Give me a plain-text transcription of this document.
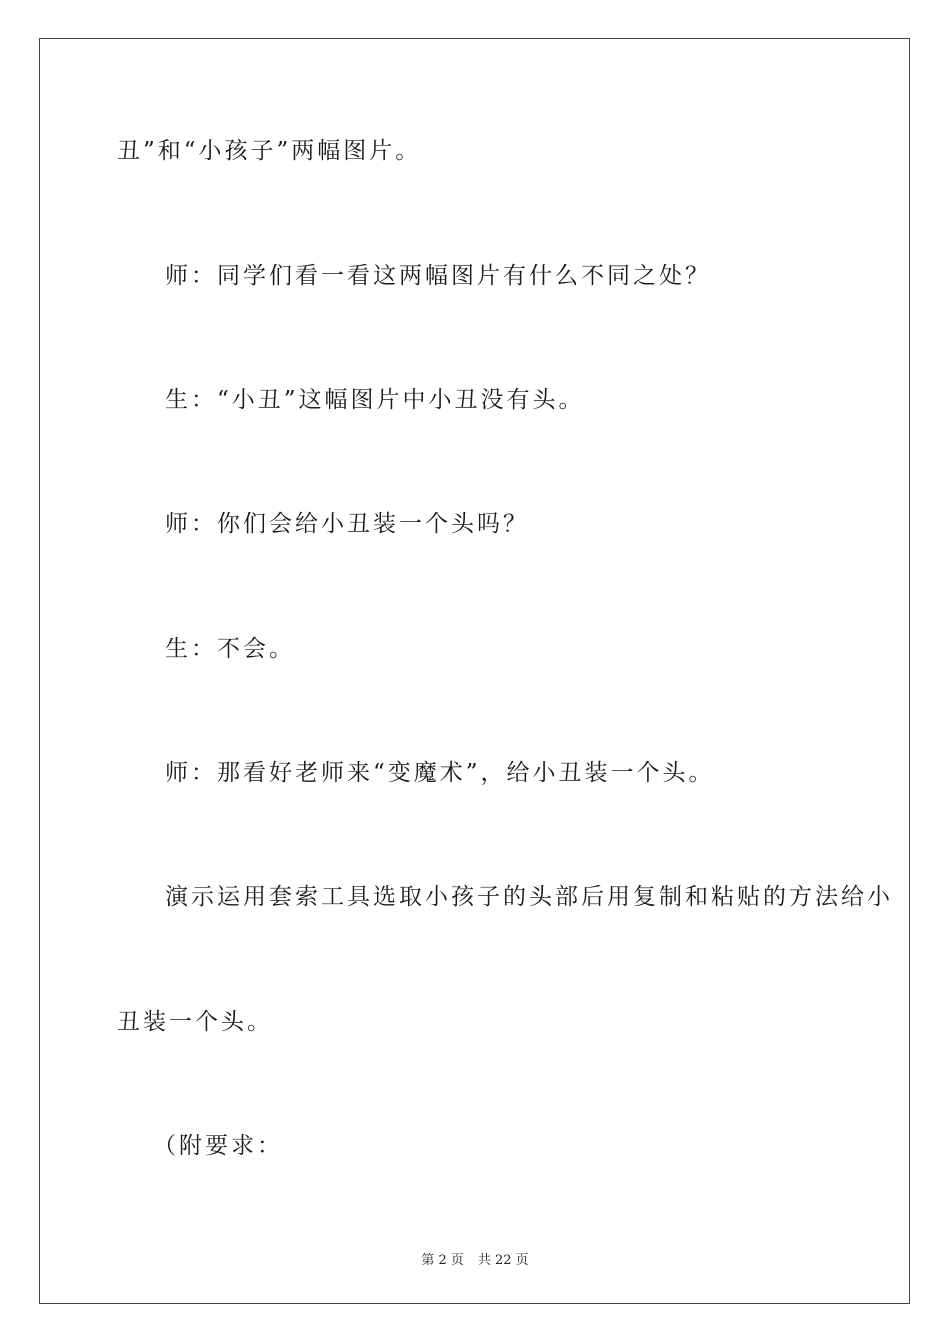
丑”和“小孩子”两幅图片。
师：同学们看一看这两幅图片有什么不同之处？
生：“小丑”这幅图片中小丑没有头。
师：你们会给小丑装一个头吗？
生：不会。
师：那看好老师来“变魔术”，给小丑装一个头。
演示运用套索工具选取小孩子的头部后用复制和粘贴的方法给小
丑装一个头。
（附要求：
第 2 页 共 22 页
